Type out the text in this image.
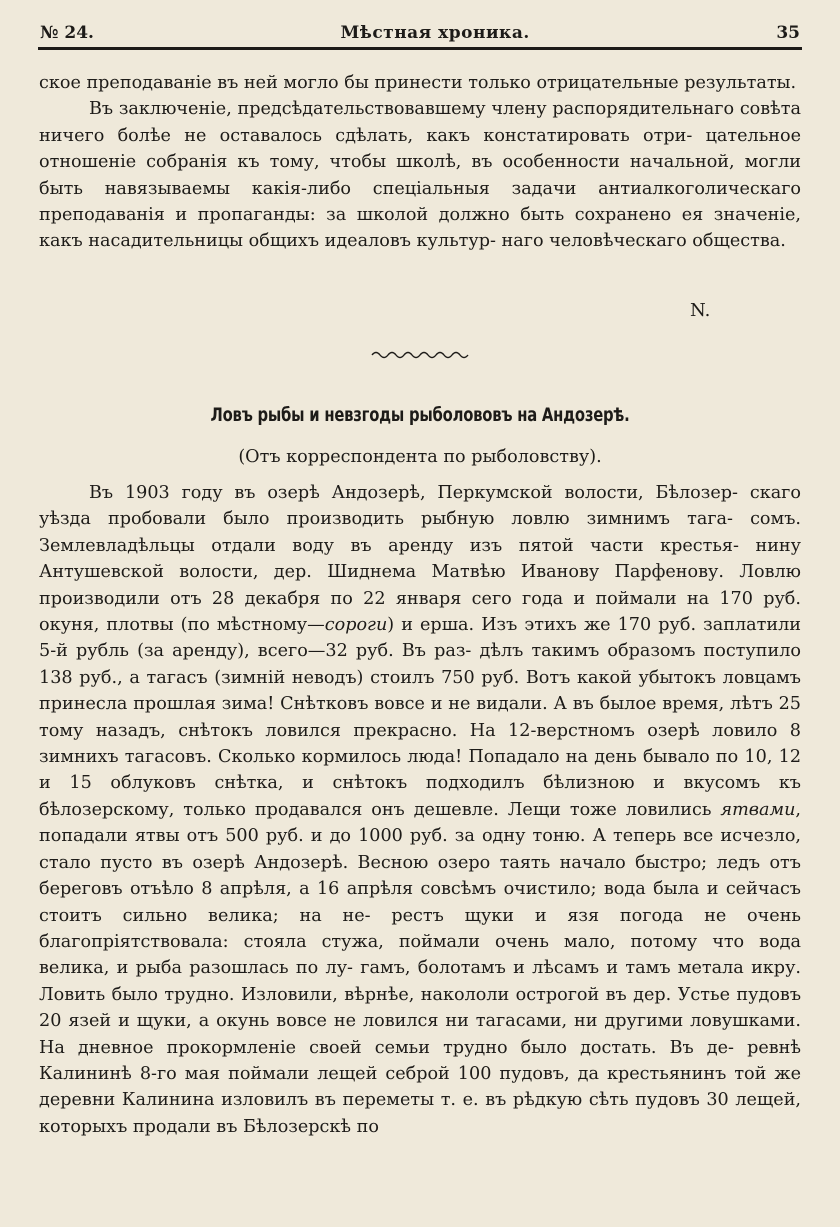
№ 24.	Мѣстная хроника.	35

ское преподаванiе въ ней могло бы принести только отрицательные результаты.

Въ заключенiе, предсѣдательствовавшему члену распорядительнаго совѣта ничего болѣе не оставалось сдѣлать, какъ констатировать отри- цательное отношенiе собранiя къ тому, чтобы школѣ, въ особенности начальной, могли быть навязываемы какiя-либо спецiальныя задачи антиалкоголическаго преподаванiя и пропаганды: за школой должно быть сохранено ея значенiе, какъ насадительницы общихъ идеаловъ культур- наго человѣческаго общества.

N.
Ловъ рыбы и невзгоды рыболововъ на Андозерѣ.
(Отъ корреспондента по рыболовству).

Въ 1903 году въ озерѣ Андозерѣ, Перкумской волости, Бѣлозер- скаго уѣзда пробовали было производить рыбную ловлю зимнимъ тага- сомъ. Землевладѣльцы отдали воду въ аренду изъ пятой части крестья- нину Антушевской волости, дер. Шиднема Матвѣю Иванову Парфенову. Ловлю производили отъ 28 декабря по 22 января сего года и поймали на 170 руб. окуня, плотвы (по мѣстному—сороги) и ерша. Изъ этихъ же 170 руб. заплатили 5-й рубль (за аренду), всего—32 руб. Въ раз- дѣлъ такимъ образомъ поступило 138 руб., а тагасъ (зимнiй неводъ) стоилъ 750 руб. Вотъ какой убытокъ ловцамъ принесла прошлая зима! Снѣтковъ вовсе и не видали. А въ былое время, лѣтъ 25 тому назадъ, снѣтокъ ловился прекрасно. На 12-верстномъ озерѣ ловило 8 зимнихъ тагасовъ. Сколько кормилось люда! Попадало на день бывало по 10, 12 и 15 облуковъ снѣтка, и снѣтокъ подходилъ бѣлизною и вкусомъ къ бѣлозерскому, только продавался онъ дешевле. Лещи тоже ловились ятвами, попадали ятвы отъ 500 руб. и до 1000 руб. за одну тоню. А теперь все исчезло, стало пусто въ озерѣ Андозерѣ. Весною озеро таять начало быстро; ледъ отъ береговъ отъѣло 8 апрѣля, а 16 апрѣля совсѣмъ очистило; вода была и сейчасъ стоитъ сильно велика; на не- рестъ щуки и язя погода не очень благопрiятствовала: стояла стужа, поймали очень мало, потому что вода велика, и рыба разошлась по лу- гамъ, болотамъ и лѣсамъ и тамъ метала икру. Ловить было трудно. Изловили, вѣрнѣе, накололи острогой въ дер. Устье пудовъ 20 язей и щуки, а окунь вовсе не ловился ни тагасами, ни другими ловушками. На дневное прокормленiе своей семьи трудно было достать. Въ де- ревнѣ Калининѣ 8-го мая поймали лещей себрой 100 пудовъ, да крестьянинъ той же деревни Калинина изловилъ въ переметы т. е. въ рѣдкую сѣть пудовъ 30 лещей, которыхъ продали въ Бѣлозерскѣ по
